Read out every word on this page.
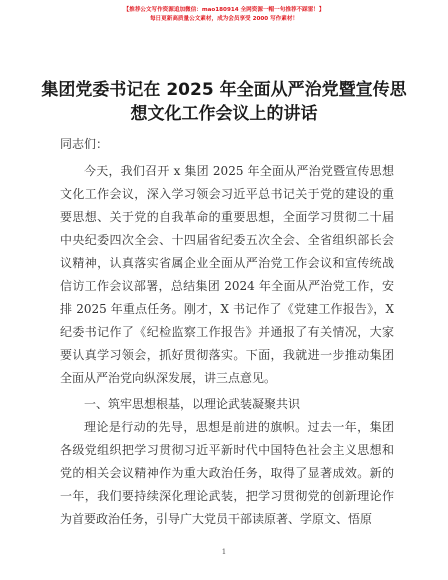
【推荐公文写作资源追加微信：mao180914 全网资源一帽一句推荐不踩雷！】
每日更新高质量公文素材，成为会员享受 2000 写作素材！
集团党委书记在 2025 年全面从严治党暨宣传思想文化工作会议上的讲话

同志们：

今天，我们召开 x 集团 2025 年全面从严治党暨宣传思想文化工作会议，深入学习领会习近平总书记关于党的建设的重要思想、关于党的自我革命的重要思想，全面学习贯彻二十届中央纪委四次全会、十四届省纪委五次全会、全省组织部长会议精神，认真落实省属企业全面从严治党工作会议和宣传统战信访工作会议部署，总结集团 2024 年全面从严治党工作，安排 2025 年重点任务。刚才，X 书记作了《党建工作报告》，X 纪委书记作了《纪检监察工作报告》并通报了有关情况，大家要认真学习领会，抓好贯彻落实。下面，我就进一步推动集团全面从严治党向纵深发展，讲三点意见。

一、筑牢思想根基，以理论武装凝聚共识

理论是行动的先导，思想是前进的旗帜。过去一年，集团各级党组织把学习贯彻习近平新时代中国特色社会主义思想和党的相关会议精神作为重大政治任务，取得了显著成效。新的一年，我们要持续深化理论武装，把学习贯彻党的创新理论作为首要政治任务，引导广大党员干部读原著、学原文、悟原

1
